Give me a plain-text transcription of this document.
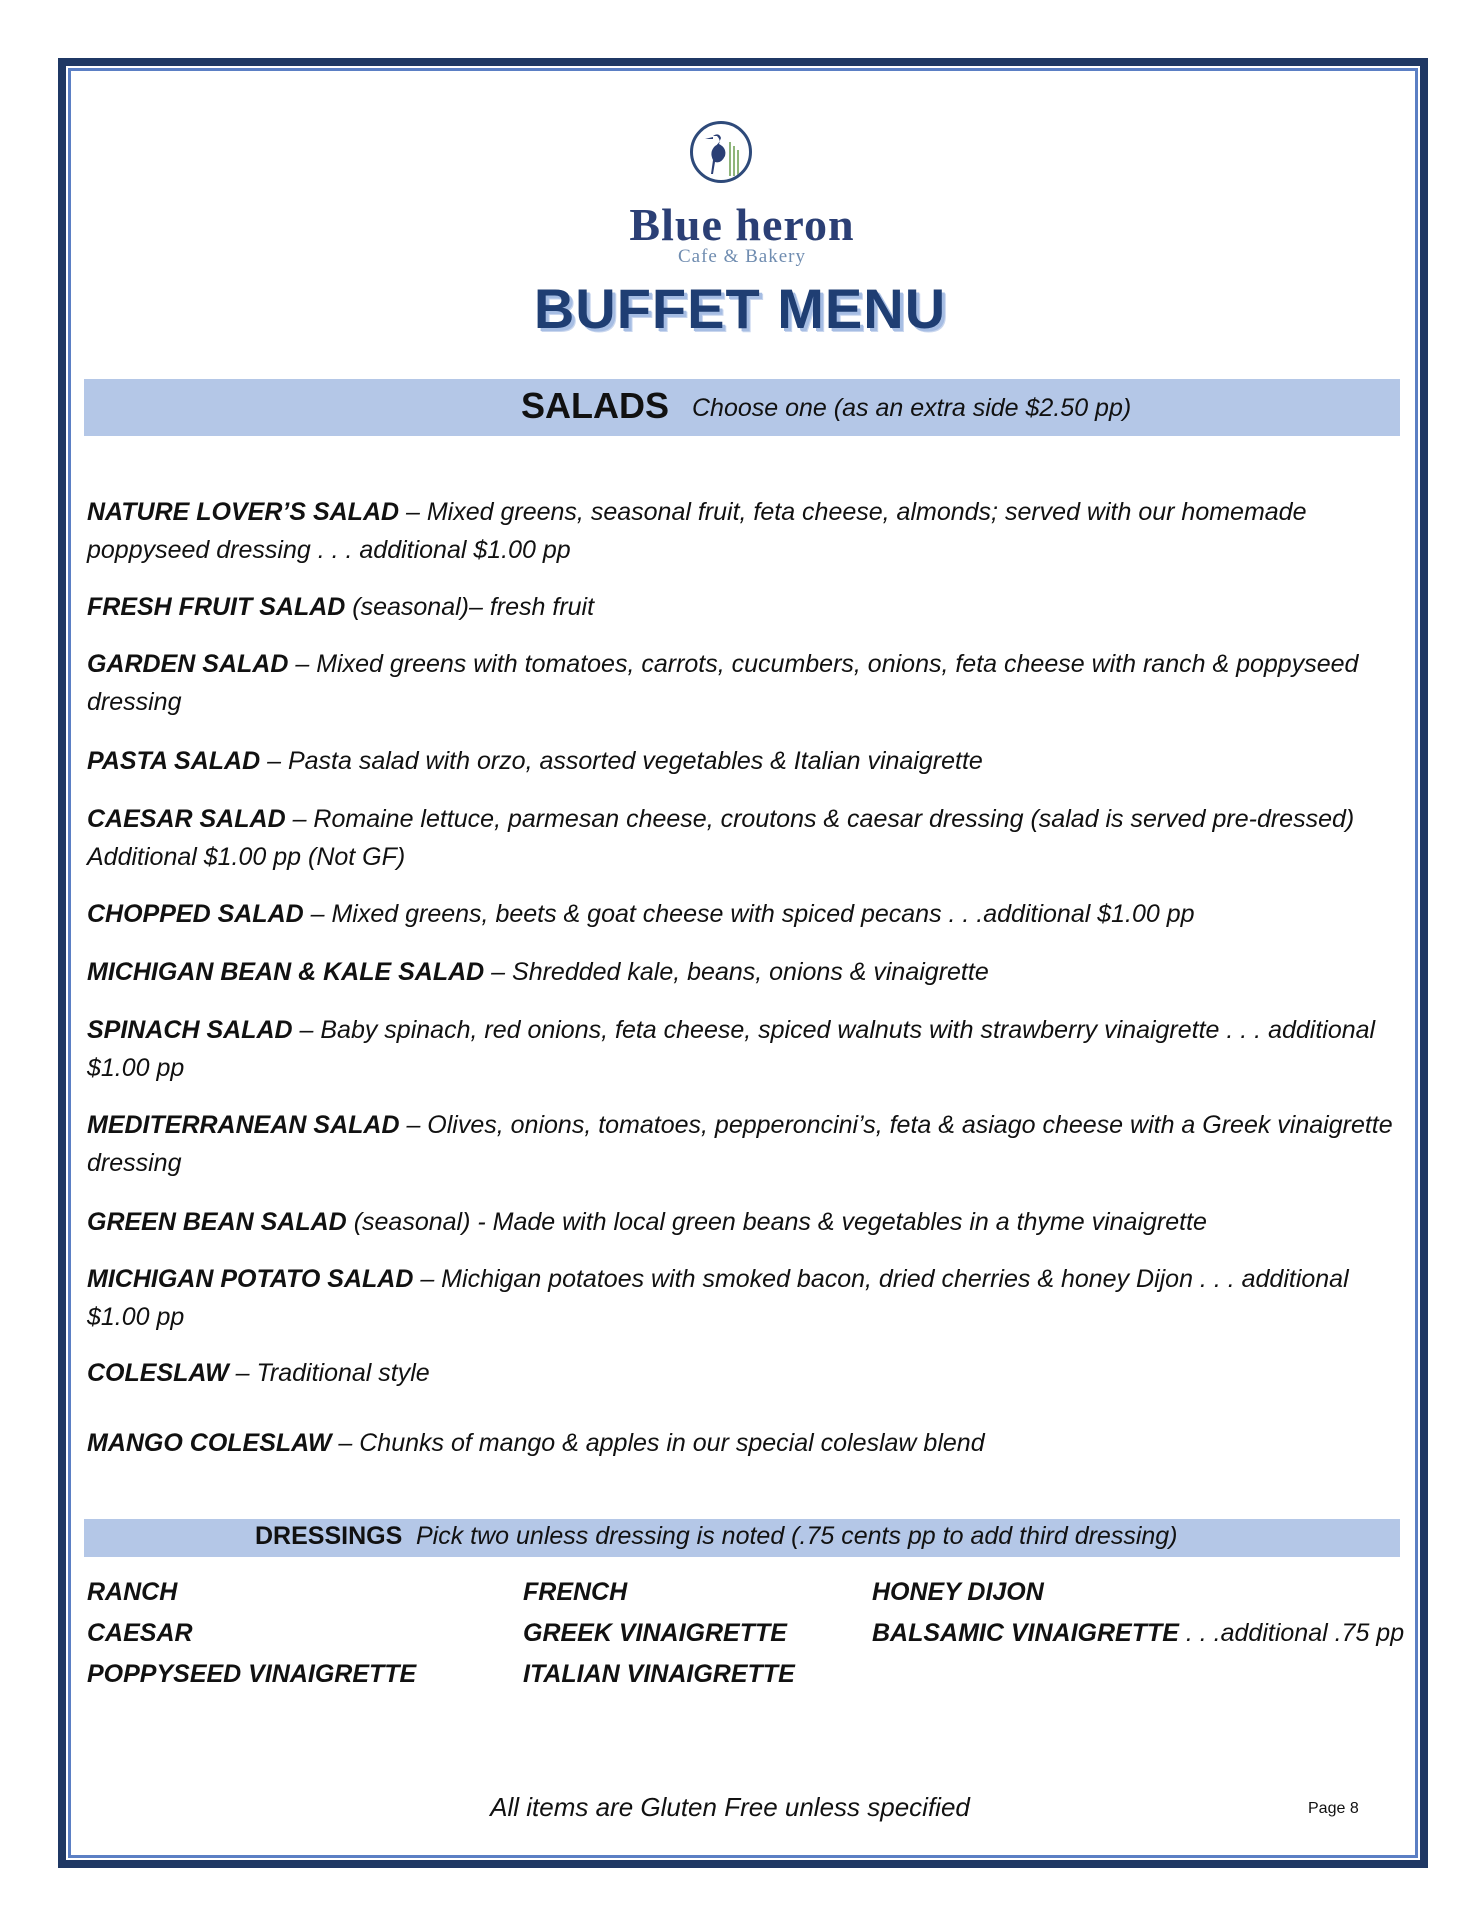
Blue heron
Cafe & Bakery
BUFFET MENU
SALADS Choose one (as an extra side $2.50 pp)
NATURE LOVER’S SALAD – Mixed greens, seasonal fruit, feta cheese, almonds; served with our homemade poppyseed dressing . . . additional $1.00 pp
FRESH FRUIT SALAD (seasonal)– fresh fruit
GARDEN SALAD – Mixed greens with tomatoes, carrots, cucumbers, onions, feta cheese with ranch & poppyseed dressing
PASTA SALAD – Pasta salad with orzo, assorted vegetables & Italian vinaigrette
CAESAR SALAD – Romaine lettuce, parmesan cheese, croutons & caesar dressing (salad is served pre-dressed) Additional $1.00 pp (Not GF)
CHOPPED SALAD – Mixed greens, beets & goat cheese with spiced pecans . . .additional $1.00 pp
MICHIGAN BEAN & KALE SALAD – Shredded kale, beans, onions & vinaigrette
SPINACH SALAD – Baby spinach, red onions, feta cheese, spiced walnuts with strawberry vinaigrette . . . additional $1.00 pp
MEDITERRANEAN SALAD – Olives, onions, tomatoes, pepperoncini’s, feta & asiago cheese with a Greek vinaigrette dressing
GREEN BEAN SALAD (seasonal) - Made with local green beans & vegetables in a thyme vinaigrette
MICHIGAN POTATO SALAD – Michigan potatoes with smoked bacon, dried cherries & honey Dijon . . . additional $1.00 pp
COLESLAW – Traditional style
MANGO COLESLAW – Chunks of mango & apples in our special coleslaw blend
DRESSINGS Pick two unless dressing is noted (.75 cents pp to add third dressing)
RANCH
CAESAR
POPPYSEED VINAIGRETTE
FRENCH
GREEK VINAIGRETTE
ITALIAN VINAIGRETTE
HONEY DIJON
BALSAMIC VINAIGRETTE . . .additional .75 pp
All items are Gluten Free unless specified	Page 8
